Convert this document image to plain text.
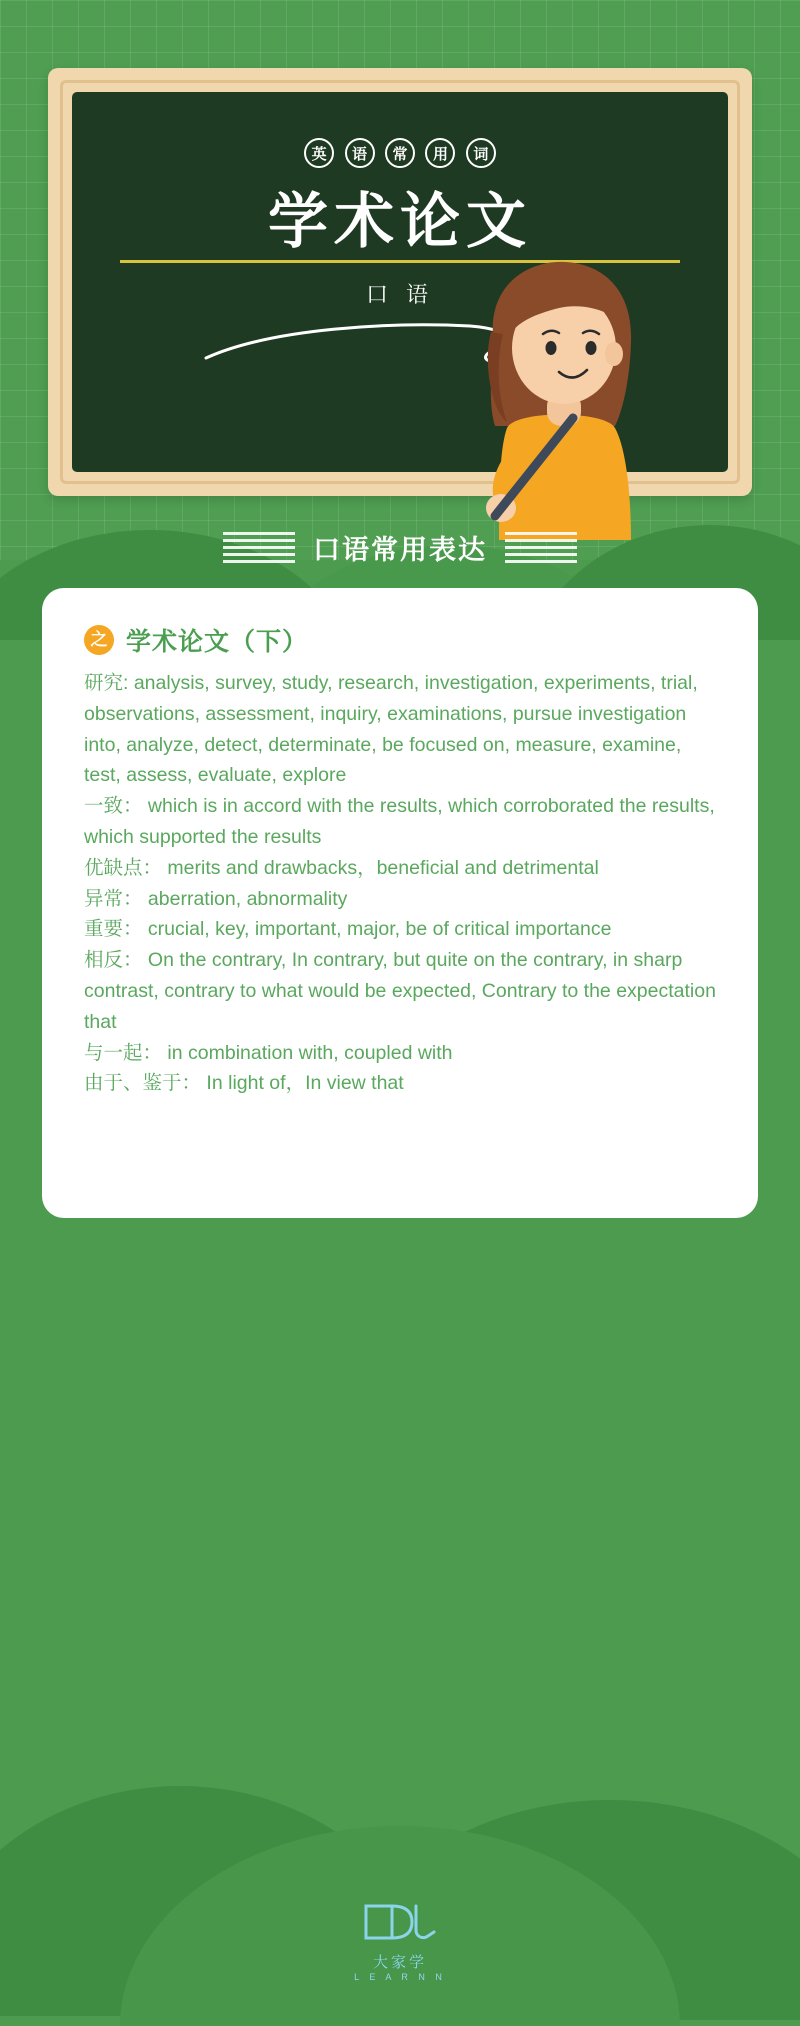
英 语 常 用 词
学术论文
口 语
口语常用表达
之 学术论文（下）
研究: analysis, survey, study, research, investigation, experiments, trial, observations, assessment, inquiry, examinations, pursue investigation into, analyze, detect, determinate, be focused on, measure, examine, test, assess, evaluate, explore
一致： which is in accord with the results, which corroborated the results, which supported the results
优缺点： merits and drawbacks，beneficial and detrimental
异常： aberration, abnormality
重要： crucial, key, important, major, be of critical importance
相反： On the contrary, In contrary, but quite on the contrary, in sharp contrast, contrary to what would be expected, Contrary to the expectation that
与一起： in combination with, coupled with
由于、鉴于： In light of，In view that
大家学
L E A R N N
